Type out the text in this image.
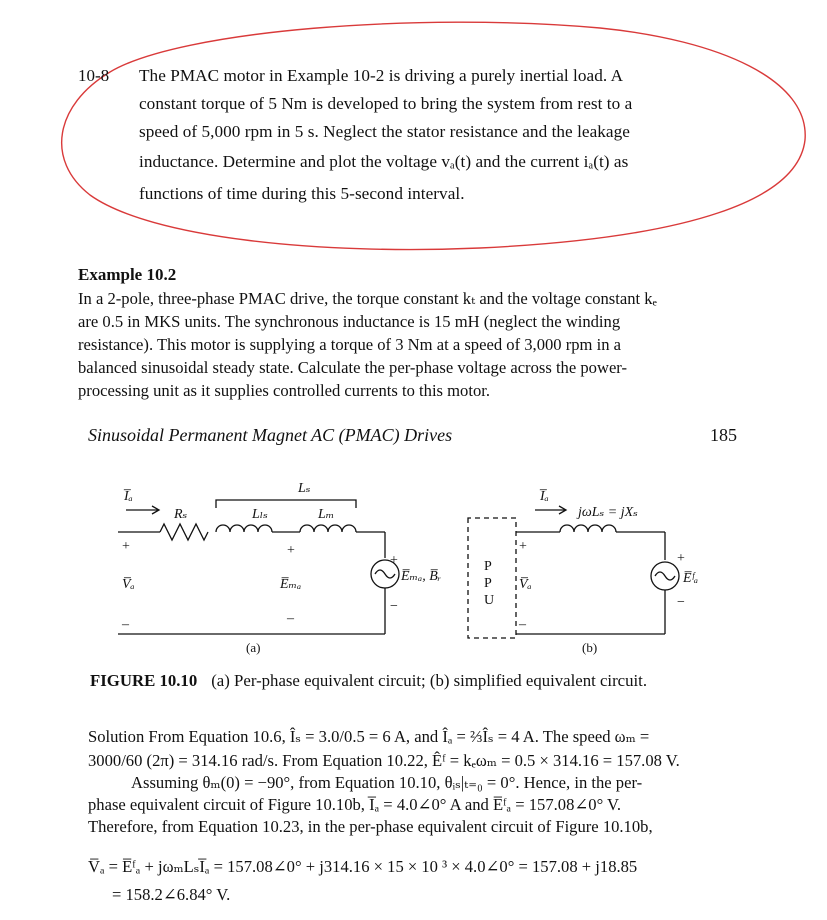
10-8 The PMAC motor in Example 10-2 is driving a purely inertial load. A
constant torque of 5 Nm is developed to bring the system from rest to a
speed of 5,000 rpm in 5 s. Neglect the stator resistance and the leakage
inductance. Determine and plot the voltage vₐ(t) and the current iₐ(t) as
functions of time during this 5-second interval.
Example 10.2
In a 2-pole, three-phase PMAC drive, the torque constant kₜ and the voltage constant kₑ
are 0.5 in MKS units. The synchronous inductance is 15 mH (neglect the winding
resistance). This motor is supplying a torque of 3 Nm at a speed of 3,000 rpm in a
balanced sinusoidal steady state. Calculate the per-phase voltage across the power-
processing unit as it supplies controlled currents to this motor.
Sinusoidal Permanent Magnet AC (PMAC) Drives	185
I̅ₐ
Rₛ	Lₗₛ	Lₘ
Lₛ
+
V̅ₐ
–
+
E̅ₘₐ
–
+
E̅ₘₐ, B̅ᵣ
−
(a)
P
P
U
I̅ₐ
jωLₛ = jXₛ
+
V̅ₐ
–
+
E̅ᶠₐ
−
(b)
FIGURE 10.10 (a) Per-phase equivalent circuit; (b) simplified equivalent circuit.
Solution From Equation 10.6, Îₛ = 3.0/0.5 = 6 A, and Îₐ = ⅔Îₛ = 4 A. The speed ωₘ =
3000/60 (2π) = 314.16 rad/s. From Equation 10.22, Êᶠ = kₑωₘ = 0.5 × 314.16 = 157.08 V.
Assuming θₘ(0) = −90°, from Equation 10.10, θᵢₛ|ₜ₌₀ = 0°. Hence, in the per-
phase equivalent circuit of Figure 10.10b, I̅ₐ = 4.0∠0° A and E̅ᶠₐ = 157.08∠0° V.
Therefore, from Equation 10.23, in the per-phase equivalent circuit of Figure 10.10b,
V̅ₐ = E̅ᶠₐ + jωₘLₛI̅ₐ = 157.08∠0° + j314.16 × 15 × 10 ³ × 4.0∠0° = 157.08 + j18.85
= 158.2∠6.84° V.
